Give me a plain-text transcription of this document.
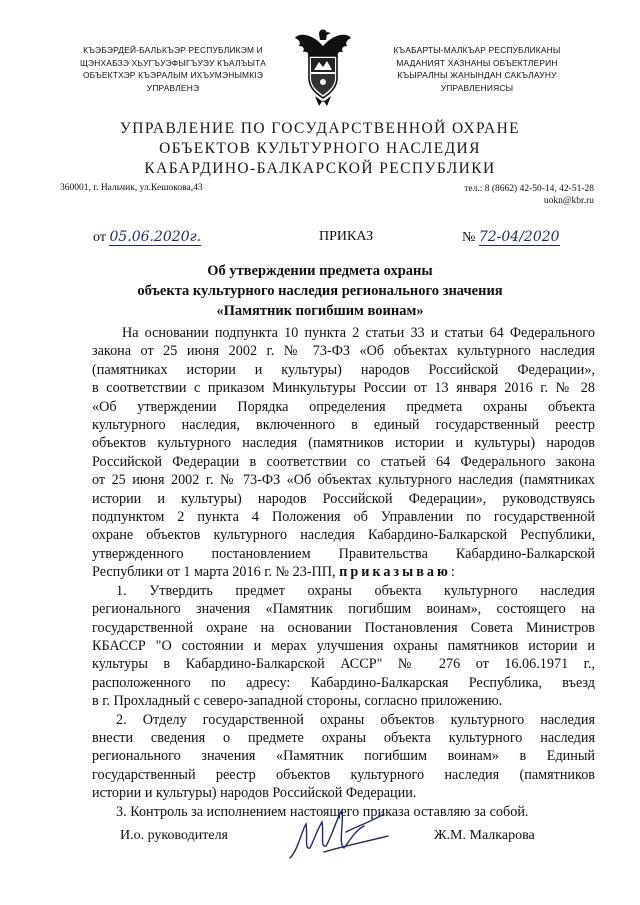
КЪЭБЭРДЕЙ-БАЛЬКЪЭР РЕСПУБЛИКЭМ И
ЩЭНХАБЗЭ ХЬУГЪУЭФЫГЪУЭУ КЪАЛЪЫТА
ОБЪЕКТХЭР КЪЭРАЛЫМ ИХЪУМЭНЫМКIЭ
УПРАВЛЕНЭ
КЪАБАРТЫ-МАЛКЪАР РЕСПУБЛИКАНЫ
МАДАНИЯТ ХАЗНАНЫ ОБЪЕКТЛЕРИН
КЪЫРАЛНЫ ЖАНЫНДАН САКЪЛАУНУ
УПРАВЛЕНИЯСЫ
УПРАВЛЕНИЕ ПО ГОСУДАРСТВЕННОЙ ОХРАНЕ
ОБЪЕКТОВ КУЛЬТУРНОГО НАСЛЕДИЯ
КАБАРДИНО-БАЛКАРСКОЙ РЕСПУБЛИКИ
360001, г. Нальчик, ул.Кешокова,43	тел.: 8 (8662) 42-50-14, 42-51-28
uokn@kbr.ru
от 05.06.2020г.	ПРИКАЗ	№ 72-04/2020
Об утверждении предмета охраны
объекта культурного наследия регионального значения
«Памятник погибшим воинам»

На основании подпункта 10 пункта 2 статьи 33 и статьи 64 Федерального

закона от 25 июня 2002 г. № 73-ФЗ «Об объектах культурного наследия

(памятниках истории и культуры) народов Российской Федерации»,

в соответствии с приказом Минкультуры России от 13 января 2016 г. № 28

«Об утверждении Порядка определения предмета охраны объекта

культурного наследия, включенного в единый государственный реестр

объектов культурного наследия (памятников истории и культуры) народов

Российской Федерации в соответствии со статьей 64 Федерального закона

от 25 июня 2002 г. № 73-ФЗ «Об объектах культурного наследия (памятниках

истории и культуры) народов Российской Федерации», руководствуясь

подпунктом 2 пункта 4 Положения об Управлении по государственной

охране объектов культурного наследия Кабардино-Балкарской Республики,

утвержденного постановлением Правительства Кабардино-Балкарской

Республики от 1 марта 2016 г. № 23-ПП, приказываю:

1. Утвердить предмет охраны объекта культурного наследия

регионального значения «Памятник погибшим воинам», состоящего на

государственной охране на основании Постановления Совета Министров

КБАССР "О состоянии и мерах улучшения охраны памятников истории и

культуры в Кабардино-Балкарской АССР" № 276 от 16.06.1971 г.,

расположенного по адресу: Кабардино-Балкарская Республика, въезд

в г. Прохладный с северо-западной стороны, согласно приложению.

2. Отделу государственной охраны объектов культурного наследия

внести сведения о предмете охраны объекта культурного наследия

регионального значения «Памятник погибшим воинам» в Единый

государственный реестр объектов культурного наследия (памятников

истории и культуры) народов Российской Федерации.

3. Контроль за исполнением настоящего приказа оставляю за собой.

И.о. руководителя	Ж.М. Малкарова
